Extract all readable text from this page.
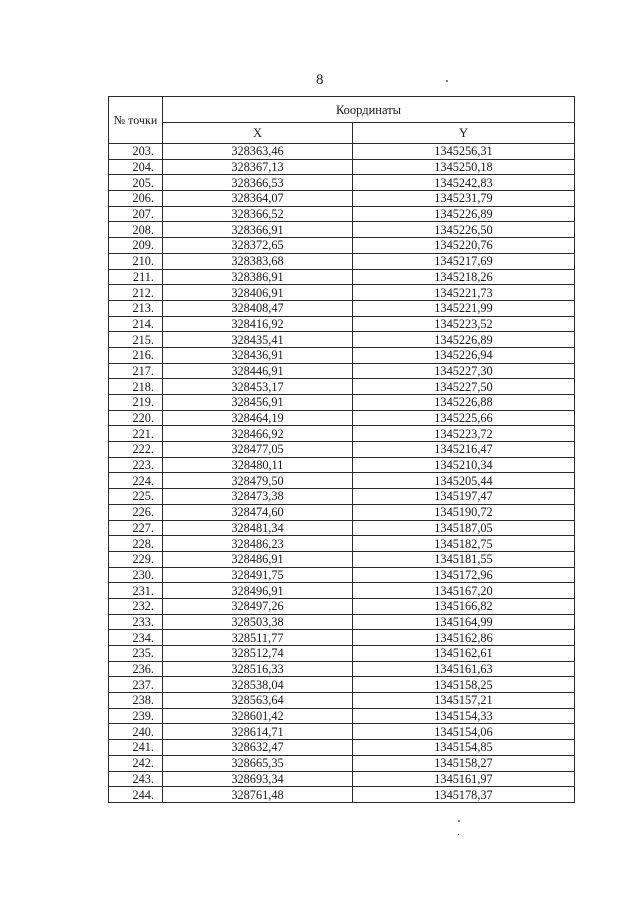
8
№ точки	Координаты	
	X	Y
203.	328363,46	1345256,31
204.	328367,13	1345250,18
205.	328366,53	1345242,83
206.	328364,07	1345231,79
207.	328366,52	1345226,89
208.	328366,91	1345226,50
209.	328372,65	1345220,76
210.	328383,68	1345217,69
211.	328386,91	1345218,26
212.	328406,91	1345221,73
213.	328408,47	1345221,99
214.	328416,92	1345223,52
215.	328435,41	1345226,89
216.	328436,91	1345226,94
217.	328446,91	1345227,30
218.	328453,17	1345227,50
219.	328456,91	1345226,88
220.	328464,19	1345225,66
221.	328466,92	1345223,72
222.	328477,05	1345216,47
223.	328480,11	1345210,34
224.	328479,50	1345205,44
225.	328473,38	1345197,47
226.	328474,60	1345190,72
227.	328481,34	1345187,05
228.	328486,23	1345182,75
229.	328486,91	1345181,55
230.	328491,75	1345172,96
231.	328496,91	1345167,20
232.	328497,26	1345166,82
233.	328503,38	1345164,99
234.	328511,77	1345162,86
235.	328512,74	1345162,61
236.	328516,33	1345161,63
237.	328538,04	1345158,25
238.	328563,64	1345157,21
239.	328601,42	1345154,33
240.	328614,71	1345154,06
241.	328632,47	1345154,85
242.	328665,35	1345158,27
243.	328693,34	1345161,97
244.	328761,48	1345178,37
